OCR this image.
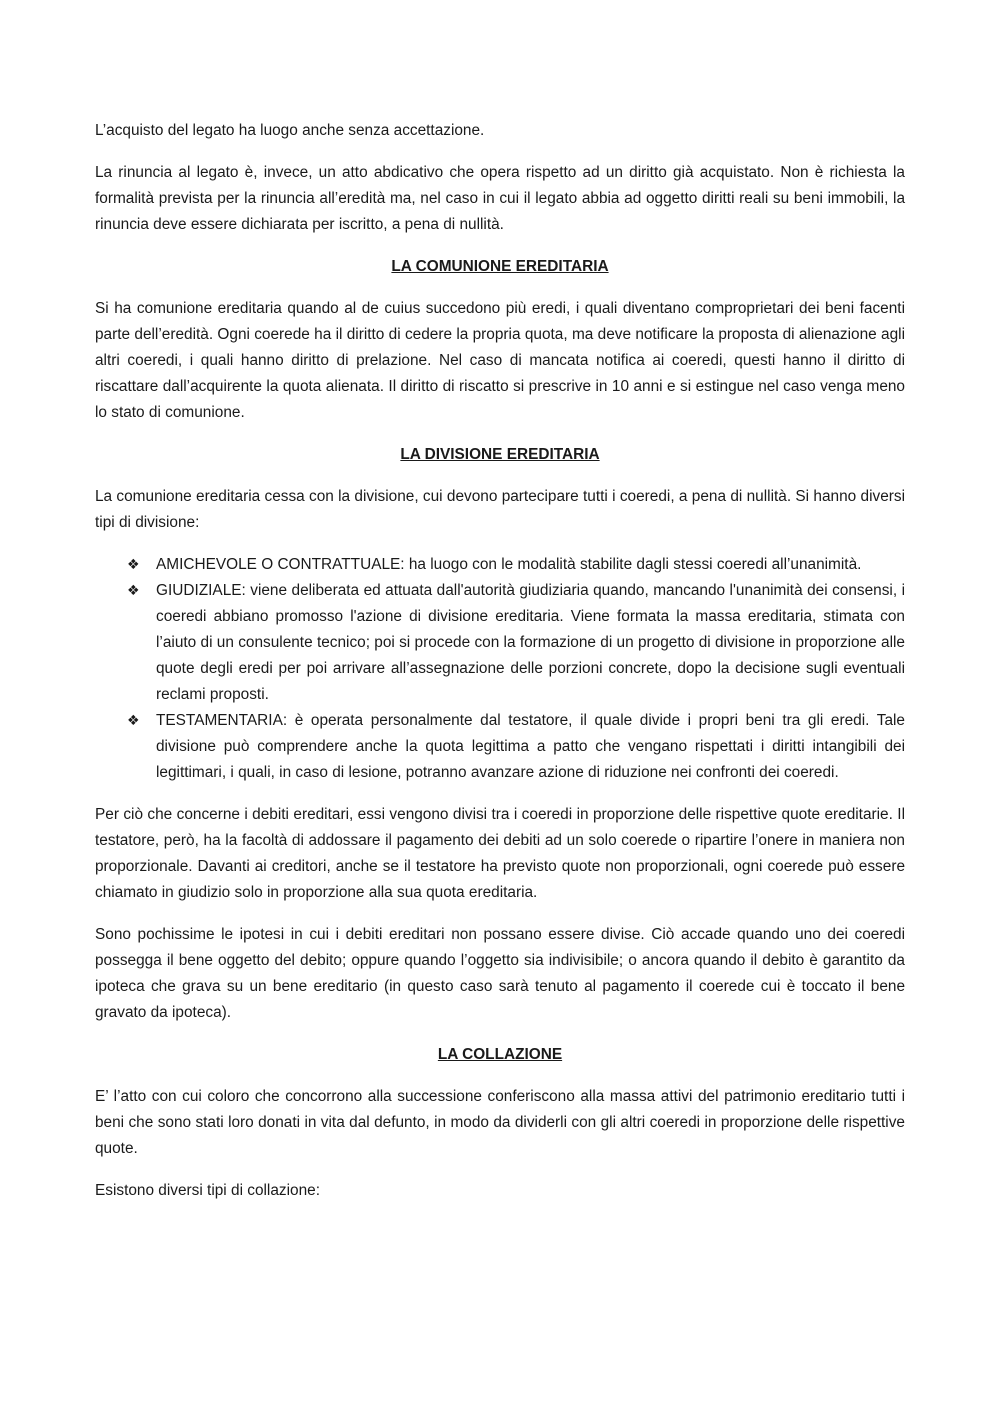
L’acquisto del legato ha luogo anche senza accettazione.

La rinuncia al legato è, invece, un atto abdicativo che opera rispetto ad un diritto già acquistato. Non è richiesta la formalità prevista per la rinuncia all’eredità ma, nel caso in cui il legato abbia ad oggetto diritti reali su beni immobili, la rinuncia deve essere dichiarata per iscritto, a pena di nullità.

LA COMUNIONE EREDITARIA

Si ha comunione ereditaria quando al de cuius succedono più eredi, i quali diventano comproprietari dei beni facenti parte dell’eredità. Ogni coerede ha il diritto di cedere la propria quota, ma deve notificare la proposta di alienazione agli altri coeredi, i quali hanno diritto di prelazione. Nel caso di mancata notifica ai coeredi, questi hanno il diritto di riscattare dall’acquirente la quota alienata. Il diritto di riscatto si prescrive in 10 anni e si estingue nel caso venga meno lo stato di comunione.

LA DIVISIONE EREDITARIA

La comunione ereditaria cessa con la divisione, cui devono partecipare tutti i coeredi, a pena di nullità. Si hanno diversi tipi di divisione:

❖ AMICHEVOLE O CONTRATTUALE: ha luogo con le modalità stabilite dagli stessi coeredi all’unanimità.
❖ GIUDIZIALE: viene deliberata ed attuata dall'autorità giudiziaria quando, mancando l'unanimità dei consensi, i coeredi abbiano promosso l'azione di divisione ereditaria. Viene formata la massa ereditaria, stimata con l’aiuto di un consulente tecnico; poi si procede con la formazione di un progetto di divisione in proporzione alle quote degli eredi per poi arrivare all’assegnazione delle porzioni concrete, dopo la decisione sugli eventuali reclami proposti.
❖ TESTAMENTARIA: è operata personalmente dal testatore, il quale divide i propri beni tra gli eredi. Tale divisione può comprendere anche la quota legittima a patto che vengano rispettati i diritti intangibili dei legittimari, i quali, in caso di lesione, potranno avanzare azione di riduzione nei confronti dei coeredi.

Per ciò che concerne i debiti ereditari, essi vengono divisi tra i coeredi in proporzione delle rispettive quote ereditarie. Il testatore, però, ha la facoltà di addossare il pagamento dei debiti ad un solo coerede o ripartire l’onere in maniera non proporzionale. Davanti ai creditori, anche se il testatore ha previsto quote non proporzionali, ogni coerede può essere chiamato in giudizio solo in proporzione alla sua quota ereditaria.

Sono pochissime le ipotesi in cui i debiti ereditari non possano essere divise. Ciò accade quando uno dei coeredi possegga il bene oggetto del debito; oppure quando l’oggetto sia indivisibile; o ancora quando il debito è garantito da ipoteca che grava su un bene ereditario (in questo caso sarà tenuto al pagamento il coerede cui è toccato il bene gravato da ipoteca).

LA COLLAZIONE

E’ l’atto con cui coloro che concorrono alla successione conferiscono alla massa attivi del patrimonio ereditario tutti i beni che sono stati loro donati in vita dal defunto, in modo da dividerli con gli altri coeredi in proporzione delle rispettive quote.

Esistono diversi tipi di collazione:
